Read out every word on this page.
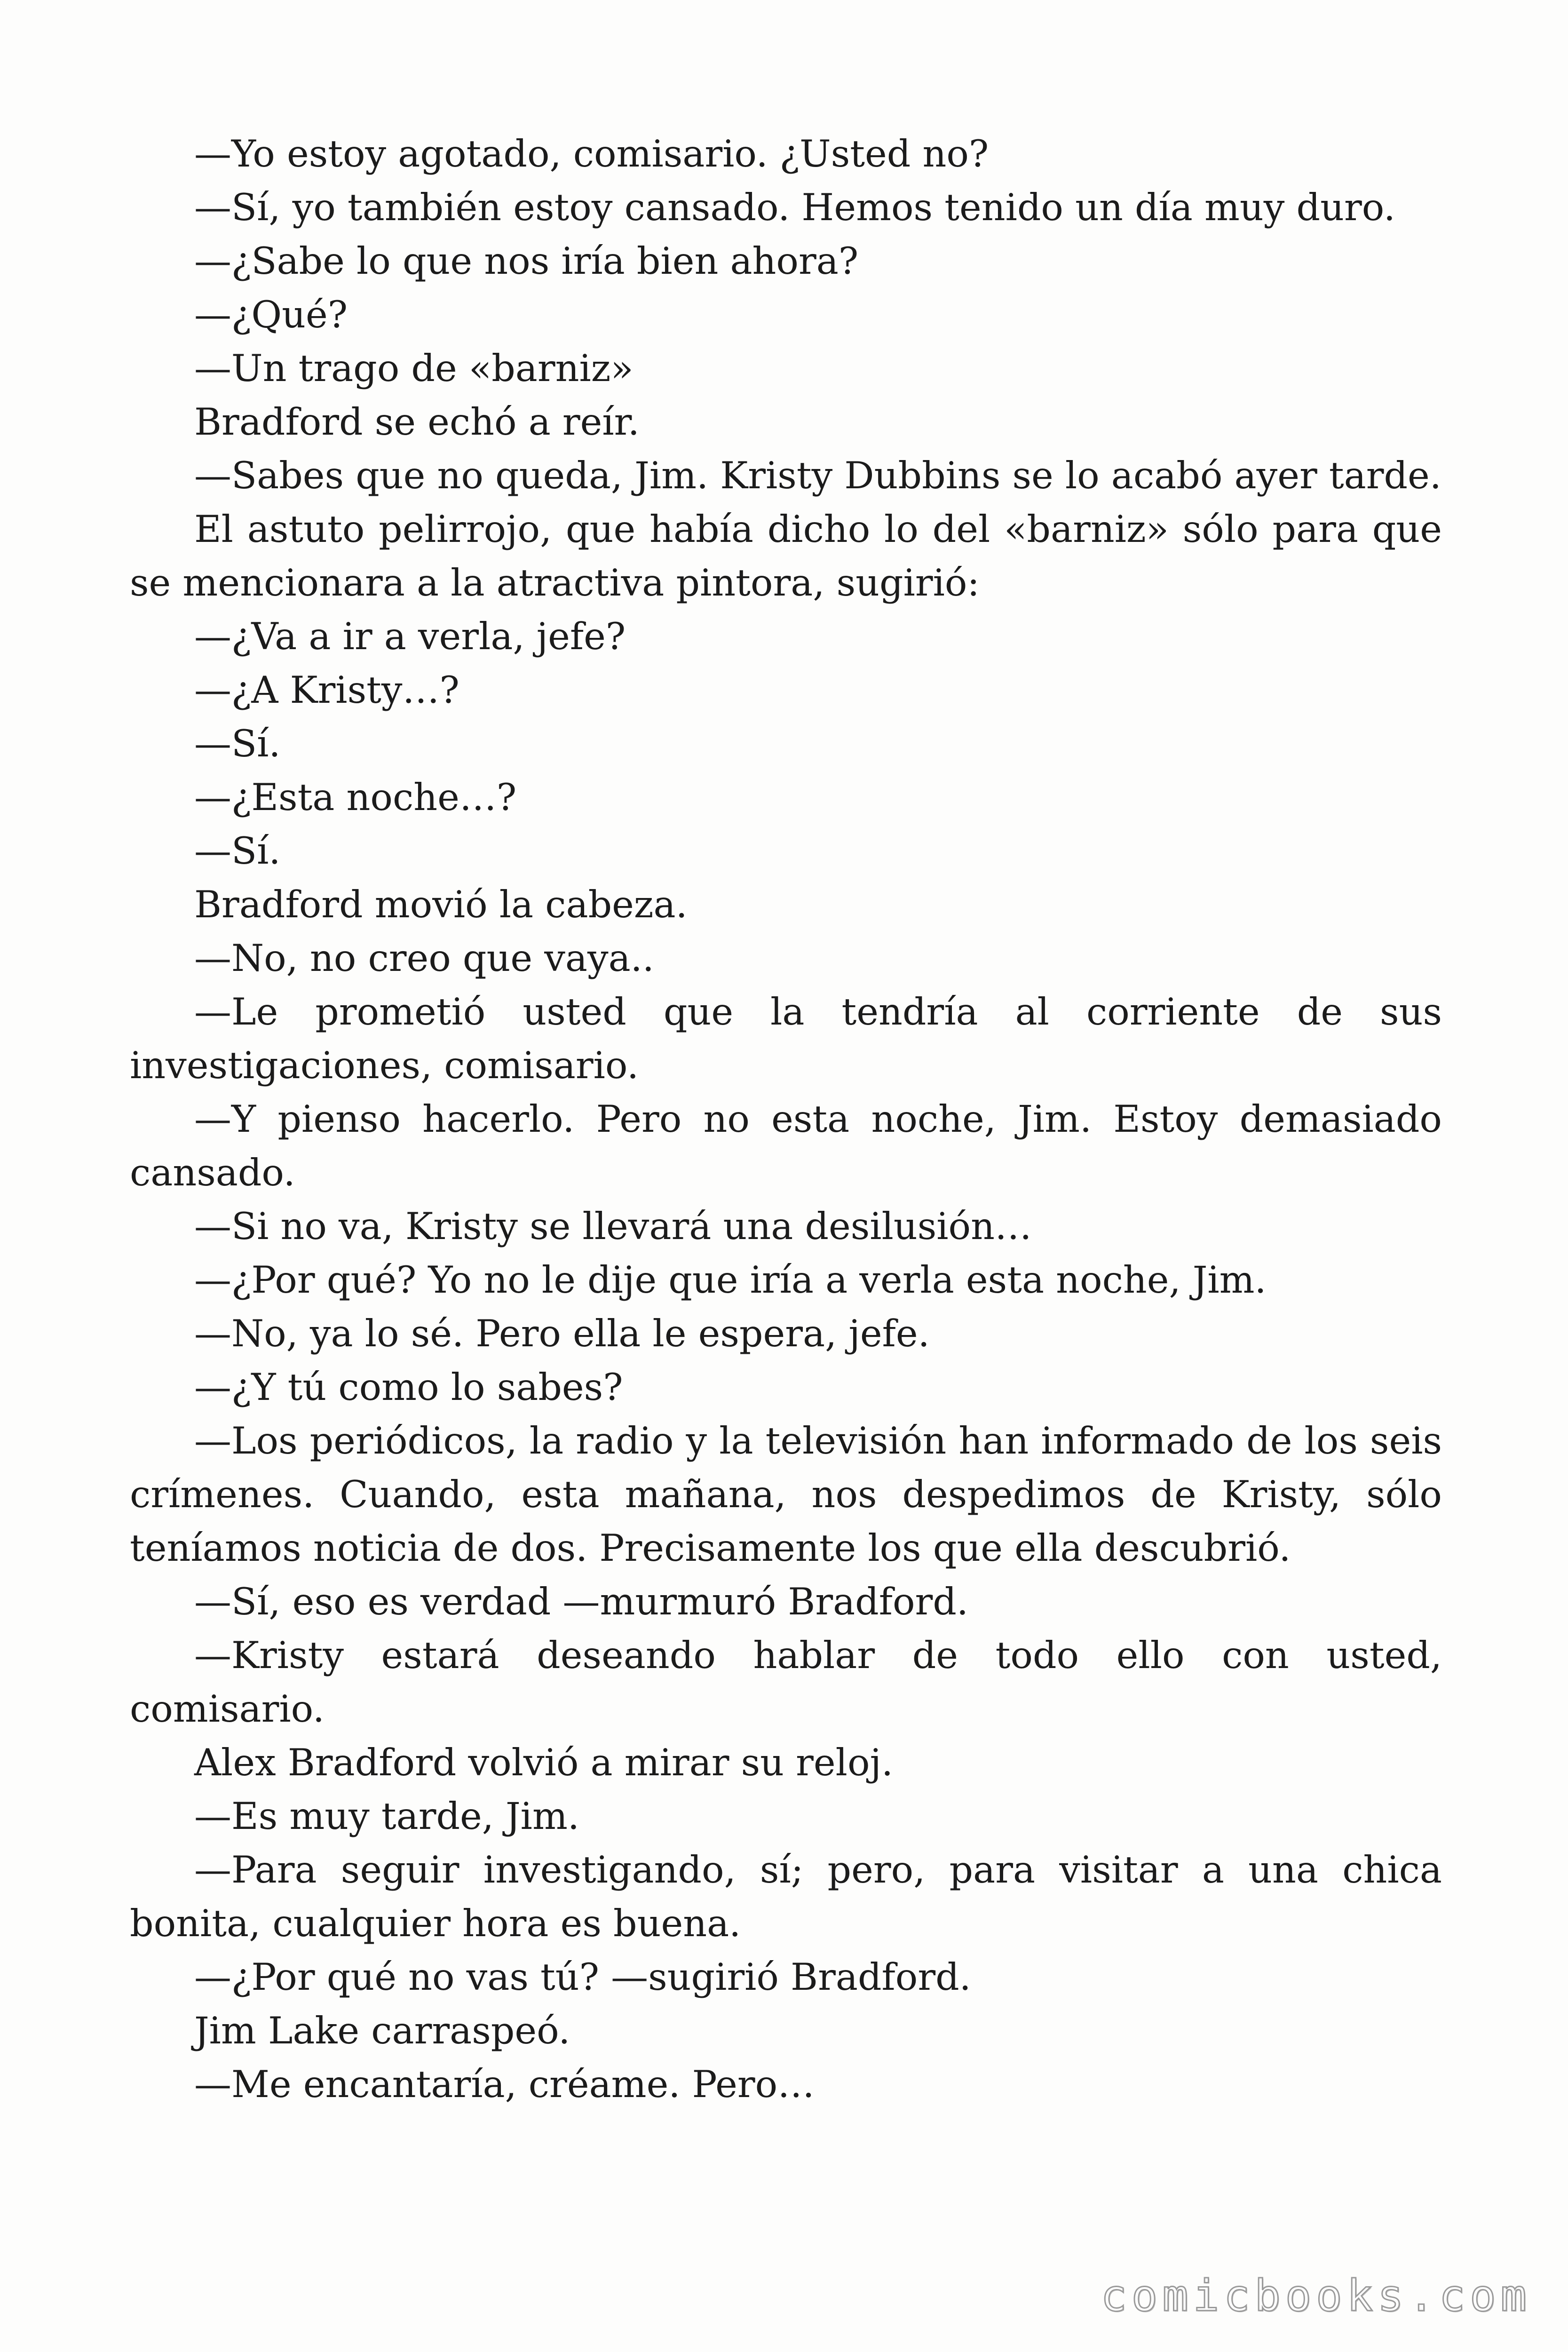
—Yo estoy agotado, comisario. ¿Usted no?

—Sí, yo también estoy cansado. Hemos tenido un día muy duro.

—¿Sabe lo que nos iría bien ahora?

—¿Qué?

—Un trago de «barniz»

Bradford se echó a reír.

—Sabes que no queda, Jim. Kristy Dubbins se lo acabó ayer tarde.

El astuto pelirrojo, que había dicho lo del «barniz» sólo para que se mencionara a la atractiva pintora, sugirió:

—¿Va a ir a verla, jefe?

—¿A Kristy…?

—Sí.

—¿Esta noche…?

—Sí.

Bradford movió la cabeza.

—No, no creo que vaya..

—Le prometió usted que la tendría al corriente de sus investigaciones, comisario.

—Y pienso hacerlo. Pero no esta noche, Jim. Estoy demasiado cansado.

—Si no va, Kristy se llevará una desilusión…

—¿Por qué? Yo no le dije que iría a verla esta noche, Jim.

—No, ya lo sé. Pero ella le espera, jefe.

—¿Y tú como lo sabes?

—Los periódicos, la radio y la televisión han informado de los seis crímenes. Cuando, esta mañana, nos despedimos de Kristy, sólo teníamos noticia de dos. Precisamente los que ella descubrió.

—Sí, eso es verdad —murmuró Bradford.

—Kristy estará deseando hablar de todo ello con usted, comisario.

Alex Bradford volvió a mirar su reloj.

—Es muy tarde, Jim.

—Para seguir investigando, sí; pero, para visitar a una chica bonita, cualquier hora es buena.

—¿Por qué no vas tú? —sugirió Bradford.

Jim Lake carraspeó.

—Me encantaría, créame. Pero…

comicbooks.com
